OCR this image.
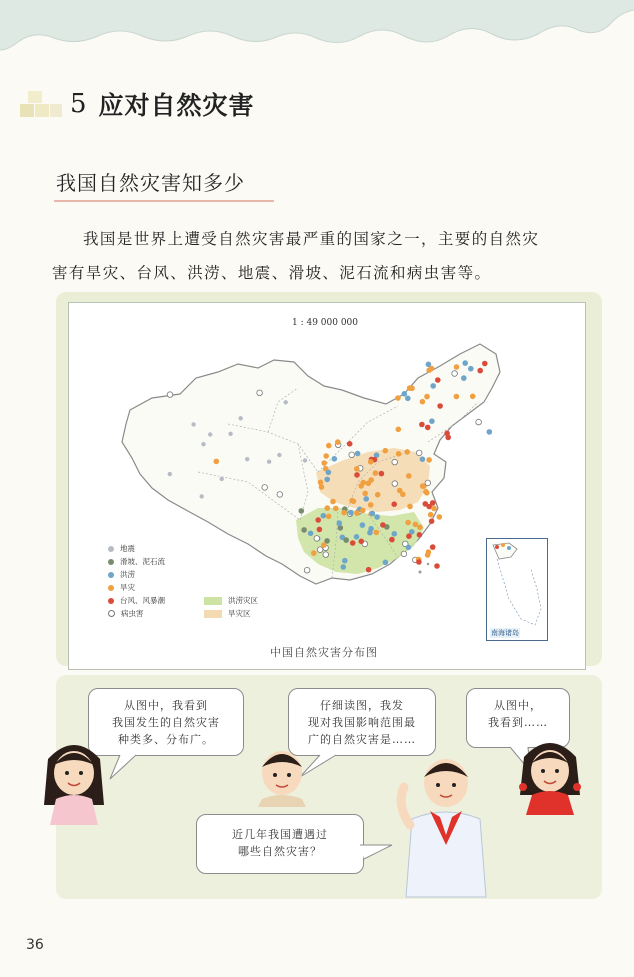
5 应对自然灾害
我国自然灾害知多少
我国是世界上遭受自然灾害最严重的国家之一，主要的自然灾
害有旱灾、台风、洪涝、地震、滑坡、泥石流和病虫害等。
1 : 49 000 000
地震
滑坡、泥石流
洪涝
旱灾
台风、风暴潮
病虫害
洪涝灾区
旱灾区
南海诸岛
中国自然灾害分布图
从图中，我看到
我国发生的自然灾害
种类多、分布广。
仔细读图，我发
现对我国影响范围最
广的自然灾害是……
从图中，
我看到……
近几年我国遭遇过
哪些自然灾害？
36
